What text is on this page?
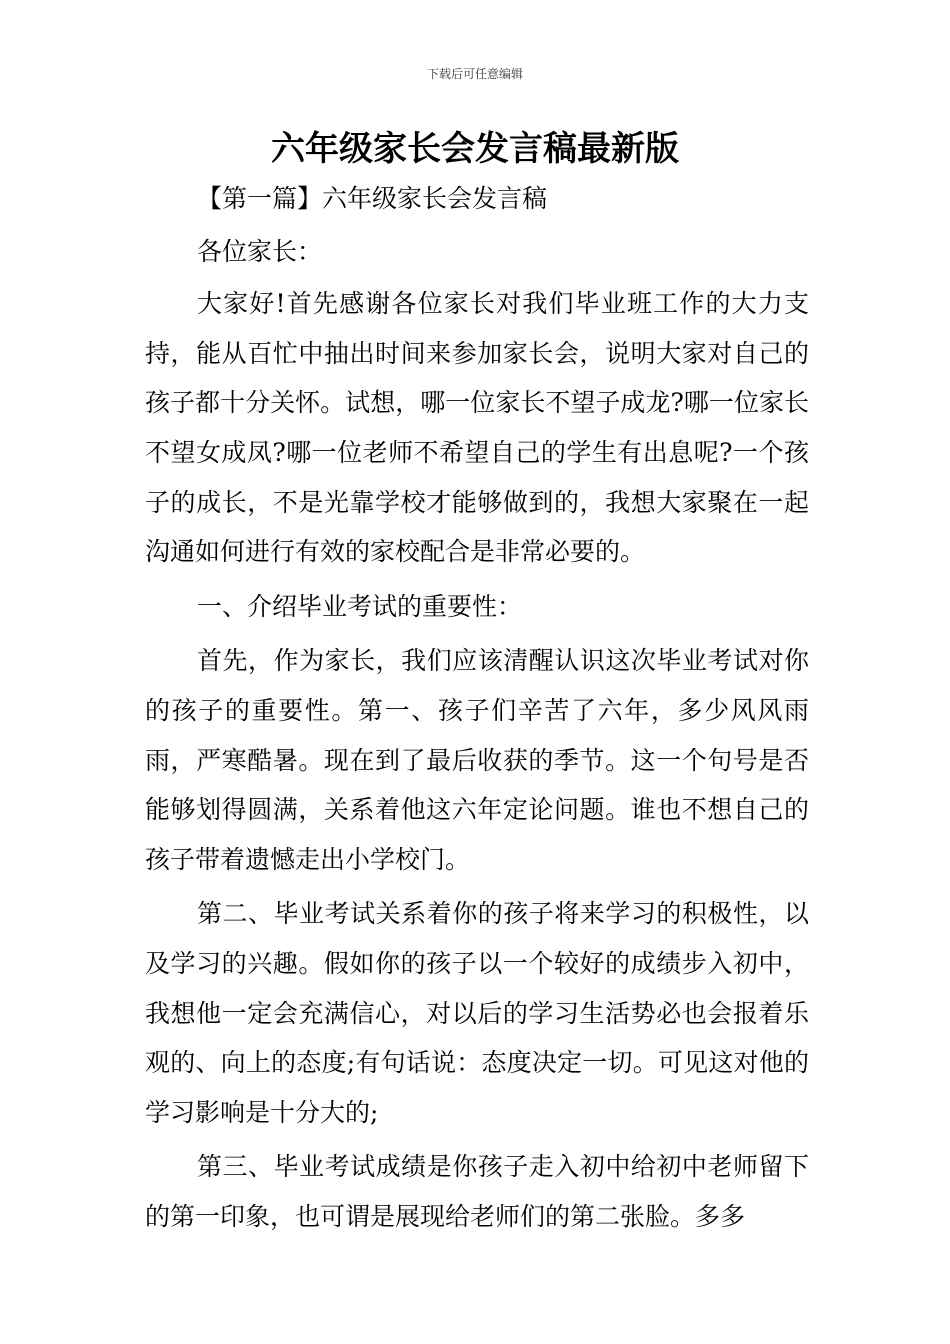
下载后可任意编辑
六年级家长会发言稿最新版

【第一篇】六年级家长会发言稿

各位家长：

大家好!首先感谢各位家长对我们毕业班工作的大力支持，能从百忙中抽出时间来参加家长会，说明大家对自己的孩子都十分关怀。试想，哪一位家长不望子成龙?哪一位家长不望女成凤?哪一位老师不希望自己的学生有出息呢?一个孩子的成长，不是光靠学校才能够做到的，我想大家聚在一起沟通如何进行有效的家校配合是非常必要的。

一、介绍毕业考试的重要性：

首先，作为家长，我们应该清醒认识这次毕业考试对你的孩子的重要性。第一、孩子们辛苦了六年，多少风风雨雨，严寒酷暑。现在到了最后收获的季节。这一个句号是否能够划得圆满，关系着他这六年定论问题。谁也不想自己的孩子带着遗憾走出小学校门。

第二、毕业考试关系着你的孩子将来学习的积极性，以及学习的兴趣。假如你的孩子以一个较好的成绩步入初中，我想他一定会充满信心，对以后的学习生活势必也会报着乐观的、向上的态度;有句话说：态度决定一切。可见这对他的学习影响是十分大的;

第三、毕业考试成绩是你孩子走入初中给初中老师留下的第一印象，也可谓是展现给老师们的第二张脸。多多
